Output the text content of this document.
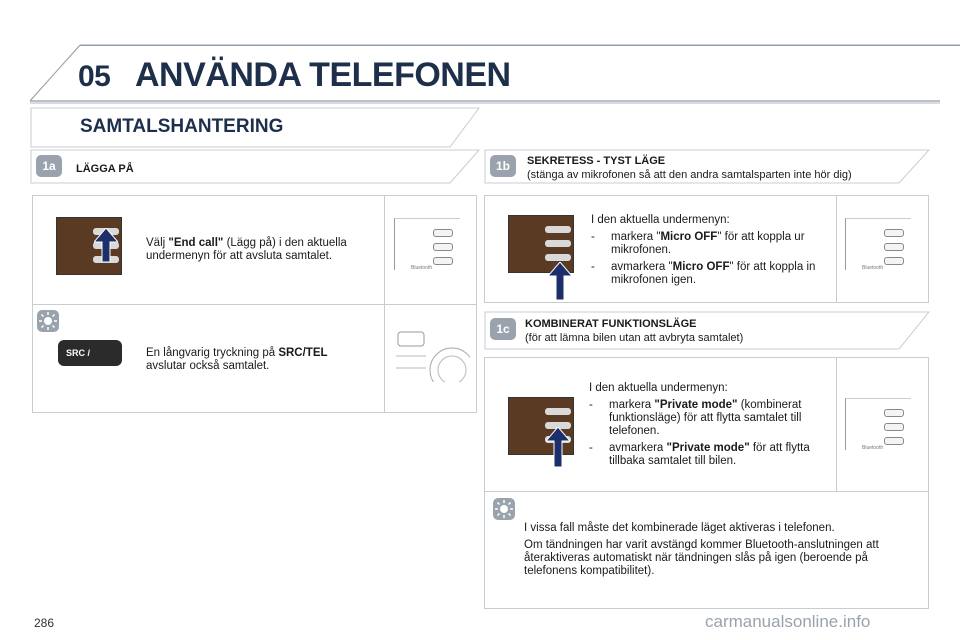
05 ANVÄNDA TELEFONEN
SAMTALSHANTERING
1a	LÄGGA PÅ
Välj "End call" (Lägg på) i den aktuella undermenyn för att avsluta samtalet.
Bluetooth
SRC /	En långvarig tryckning på SRC/TEL avslutar också samtalet.
1b	SEKRETESS - TYST LÄGE
(stänga av mikrofonen så att den andra samtalsparten inte hör dig)
I den aktuella undermenyn:
-	markera "Micro OFF" för att koppla ur mikrofonen.
-	avmarkera "Micro OFF" för att koppla in mikrofonen igen.
Bluetooth
1c	KOMBINERAT FUNKTIONSLÄGE
(för att lämna bilen utan att avbryta samtalet)
I den aktuella undermenyn:
-	markera "Private mode" (kombinerat funktionsläge) för att flytta samtalet till telefonen.
-	avmarkera "Private mode" för att flytta tillbaka samtalet till bilen.
Bluetooth
I vissa fall måste det kombinerade läget aktiveras i telefonen.
Om tändningen har varit avstängd kommer Bluetooth-anslutningen att återaktiveras automatiskt när tändningen slås på igen (beroende på telefonens kompatibilitet).
286	carmanualsonline.info
